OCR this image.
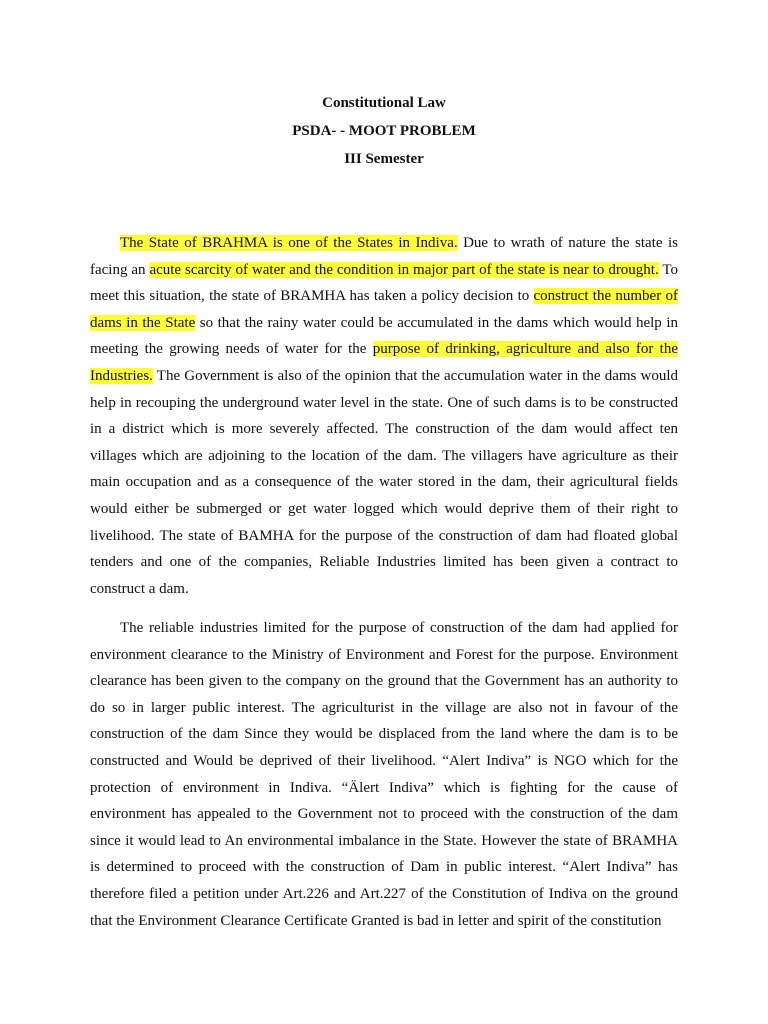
Constitutional Law
PSDA- - MOOT PROBLEM
III Semester

The State of BRAHMA is one of the States in Indiva. Due to wrath of nature the state is facing an acute scarcity of water and the condition in major part of the state is near to drought. To meet this situation, the state of BRAMHA has taken a policy decision to construct the number of dams in the State so that the rainy water could be accumulated in the dams which would help in meeting the growing needs of water for the purpose of drinking, agriculture and also for the Industries. The Government is also of the opinion that the accumulation water in the dams would help in recouping the underground water level in the state. One of such dams is to be constructed in a district which is more severely affected. The construction of the dam would affect ten villages which are adjoining to the location of the dam. The villagers have agriculture as their main occupation and as a consequence of the water stored in the dam, their agricultural fields would either be submerged or get water logged which would deprive them of their right to livelihood. The state of BAMHA for the purpose of the construction of dam had floated global tenders and one of the companies, Reliable Industries limited has been given a contract to construct a dam.

The reliable industries limited for the purpose of construction of the dam had applied for environment clearance to the Ministry of Environment and Forest for the purpose. Environment clearance has been given to the company on the ground that the Government has an authority to do so in larger public interest. The agriculturist in the village are also not in favour of the construction of the dam Since they would be displaced from the land where the dam is to be constructed and Would be deprived of their livelihood. “Alert Indiva” is NGO which for the protection of environment in Indiva. “Älert Indiva” which is fighting for the cause of environment has appealed to the Government not to proceed with the construction of the dam since it would lead to An environmental imbalance in the State. However the state of BRAMHA is determined to proceed with the construction of Dam in public interest. “Alert Indiva” has therefore filed a petition under Art.226 and Art.227 of the Constitution of Indiva on the ground that the Environment Clearance Certificate Granted is bad in letter and spirit of the constitution
